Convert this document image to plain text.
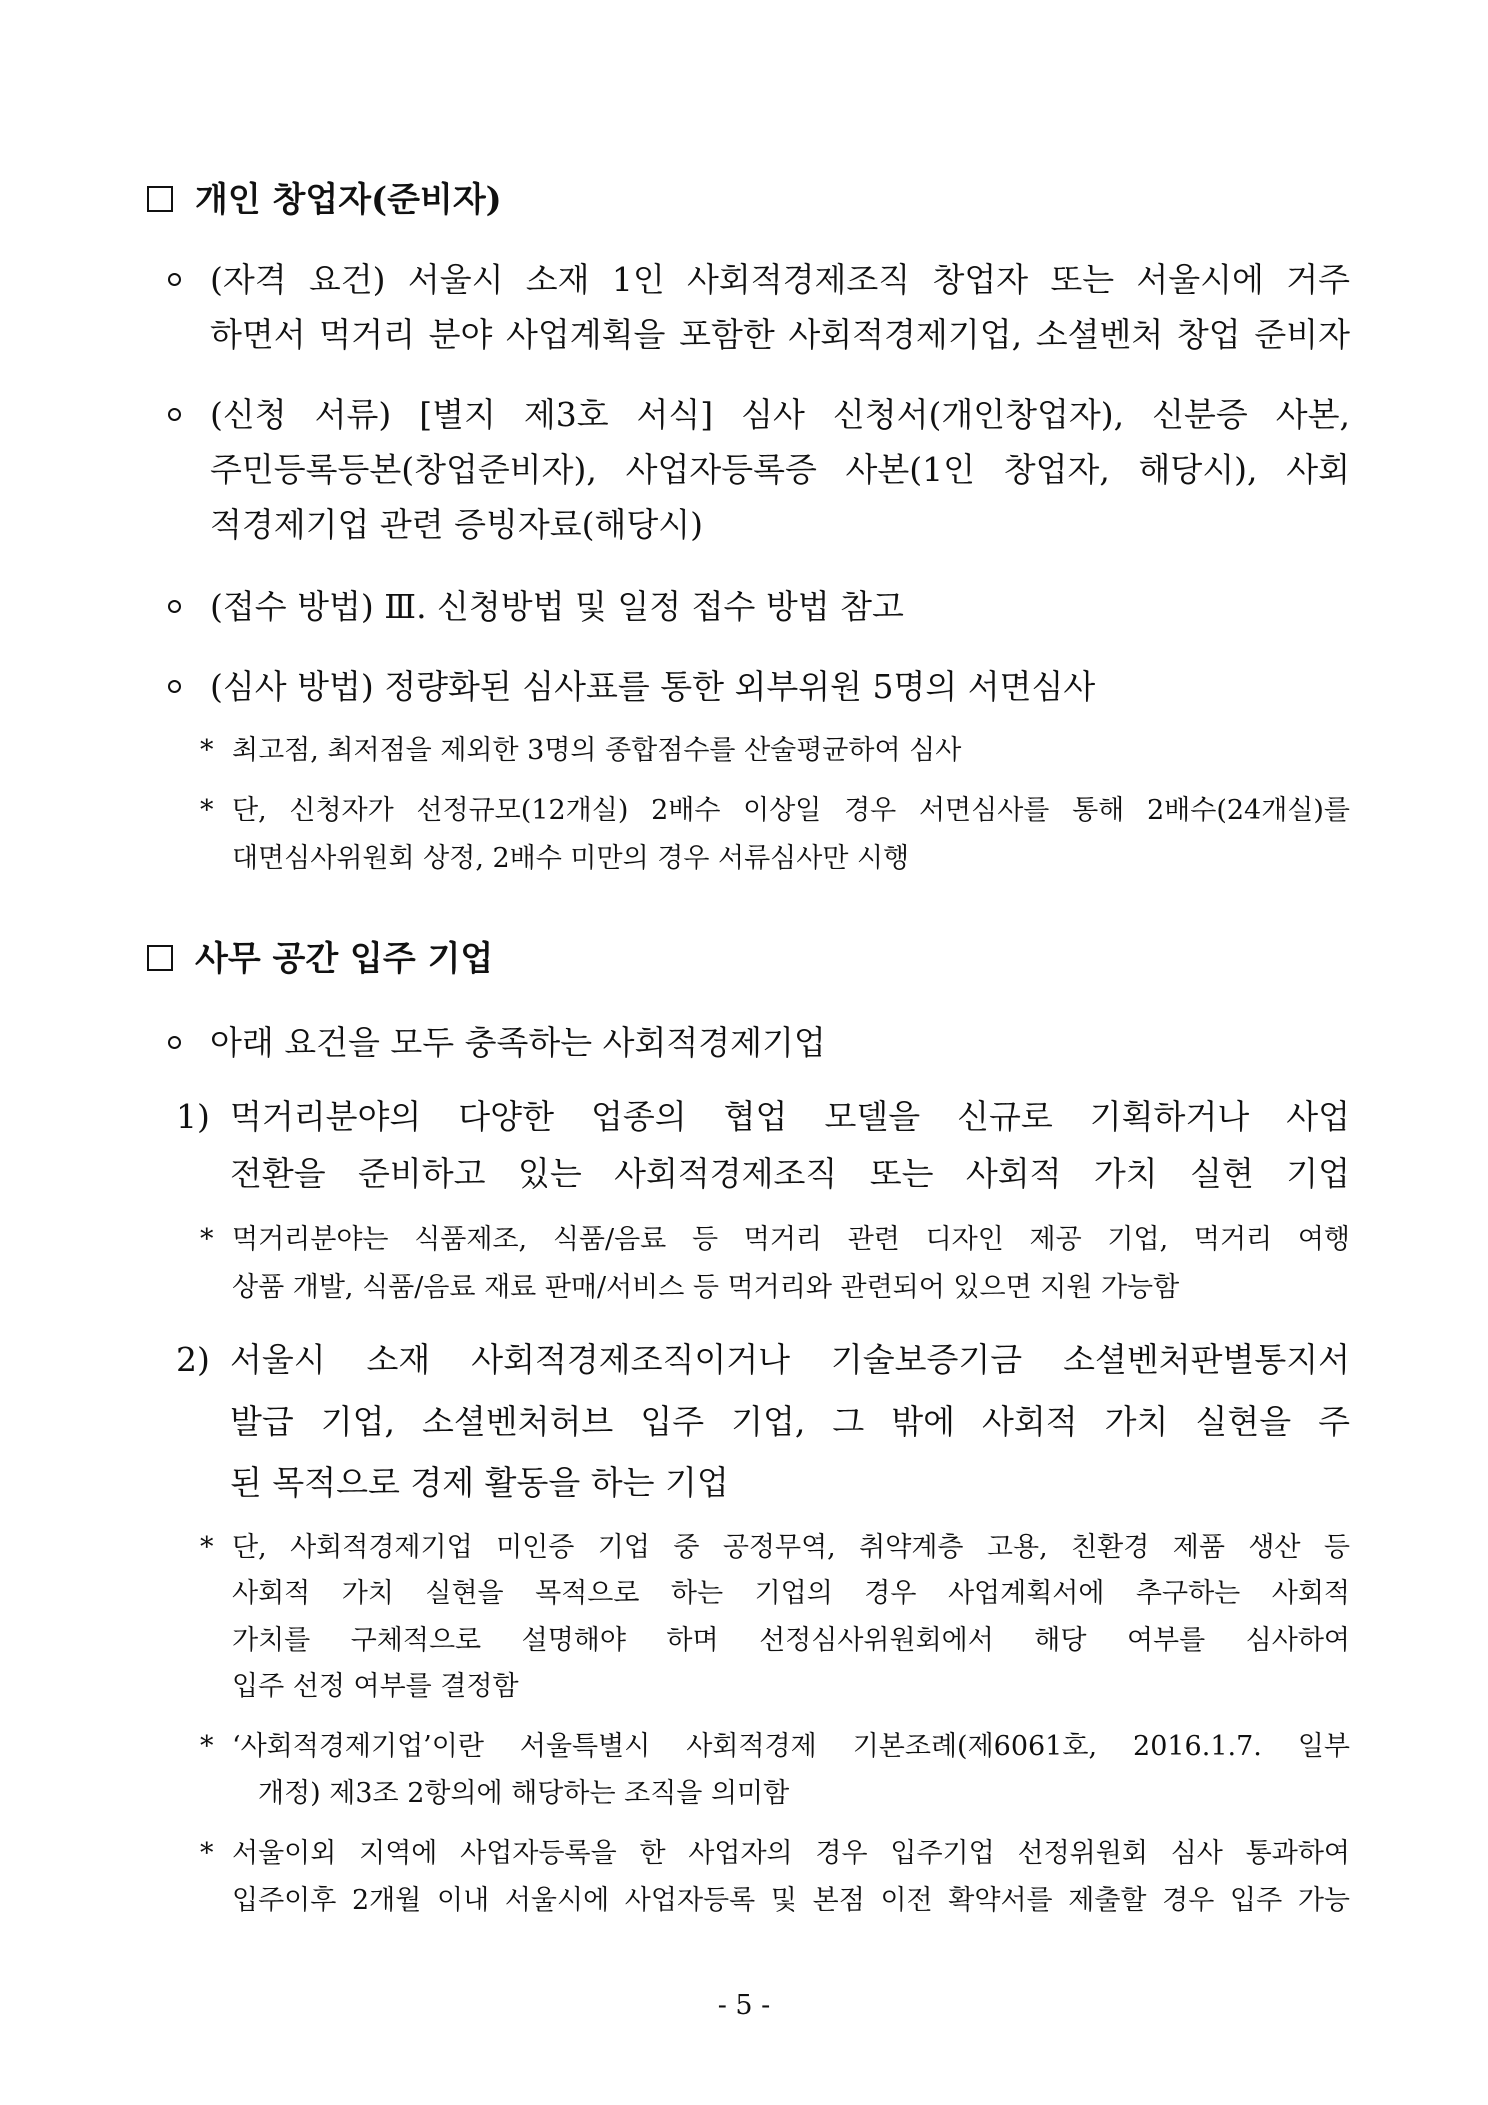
개인 창업자(준비자)
(자격 요건) 서울시 소재 1인 사회적경제조직 창업자 또는 서울시에 거주
하면서 먹거리 분야 사업계획을 포함한 사회적경제기업, 소셜벤처 창업 준비자
(신청 서류) [별지 제3호 서식] 심사 신청서(개인창업자), 신분증 사본,
주민등록등본(창업준비자), 사업자등록증 사본(1인 창업자, 해당시), 사회
적경제기업 관련 증빙자료(해당시)
(접수 방법) Ⅲ. 신청방법 및 일정 접수 방법 참고
(심사 방법) 정량화된 심사표를 통한 외부위원 5명의 서면심사
* 최고점, 최저점을 제외한 3명의 종합점수를 산술평균하여 심사
* 단, 신청자가 선정규모(12개실) 2배수 이상일 경우 서면심사를 통해 2배수(24개실)를
대면심사위원회 상정, 2배수 미만의 경우 서류심사만 시행
사무 공간 입주 기업
아래 요건을 모두 충족하는 사회적경제기업
1) 먹거리분야의 다양한 업종의 협업 모델을 신규로 기획하거나 사업
전환을 준비하고 있는 사회적경제조직 또는 사회적 가치 실현 기업
* 먹거리분야는 식품제조, 식품/음료 등 먹거리 관련 디자인 제공 기업, 먹거리 여행
상품 개발, 식품/음료 재료 판매/서비스 등 먹거리와 관련되어 있으면 지원 가능함
2) 서울시 소재 사회적경제조직이거나 기술보증기금 소셜벤처판별통지서
발급 기업, 소셜벤처허브 입주 기업, 그 밖에 사회적 가치 실현을 주
된 목적으로 경제 활동을 하는 기업
* 단, 사회적경제기업 미인증 기업 중 공정무역, 취약계층 고용, 친환경 제품 생산 등
사회적 가치 실현을 목적으로 하는 기업의 경우 사업계획서에 추구하는 사회적
가치를 구체적으로 설명해야 하며 선정심사위원회에서 해당 여부를 심사하여
입주 선정 여부를 결정함
* ‘사회적경제기업’이란 서울특별시 사회적경제 기본조례(제6061호, 2016.1.7. 일부
개정) 제3조 2항의에 해당하는 조직을 의미함
* 서울이외 지역에 사업자등록을 한 사업자의 경우 입주기업 선정위원회 심사 통과하여
입주이후 2개월 이내 서울시에 사업자등록 및 본점 이전 확약서를 제출할 경우 입주 가능
- 5 -
